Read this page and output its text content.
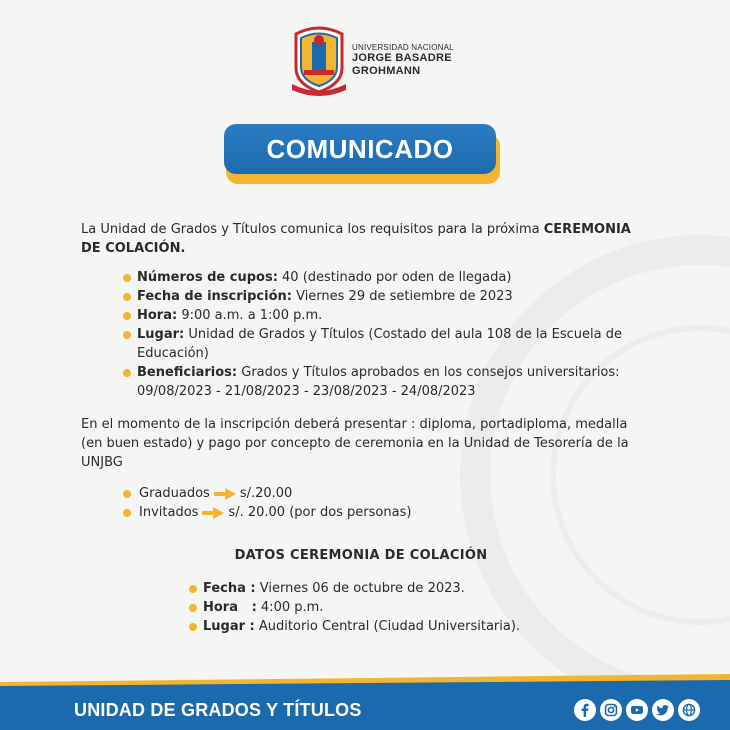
UNIVERSIDAD NACIONAL
JORGE BASADRE
GROHMANN
COMUNICADO

La Unidad de Grados y Títulos comunica los requisitos para la próxima CEREMONIA DE COLACIÓN.

Números de cupos: 40 (destinado por oden de llegada)
Fecha de inscripción: Viernes 29 de setiembre de 2023
Hora: 9:00 a.m. a 1:00 p.m.
Lugar: Unidad de Grados y Títulos (Costado del aula 108 de la Escuela de Educación)
Beneficiarios: Grados y Títulos aprobados en los consejos universitarios: 09/08/2023 - 21/08/2023 - 23/08/2023 - 24/08/2023

En el momento de la inscripción deberá presentar : diploma, portadiploma, medalla (en buen estado) y pago por concepto de ceremonia en la Unidad de Tesorería de la UNJBG

Graduados s/.20.00
Invitados s/. 20.00 (por dos personas)

DATOS CEREMONIA DE COLACIÓN

Fecha : Viernes 06 de octubre de 2023.
Hora   : 4:00 p.m.
Lugar : Auditorio Central (Ciudad Universitaria).
UNIDAD DE GRADOS Y TÍTULOS
